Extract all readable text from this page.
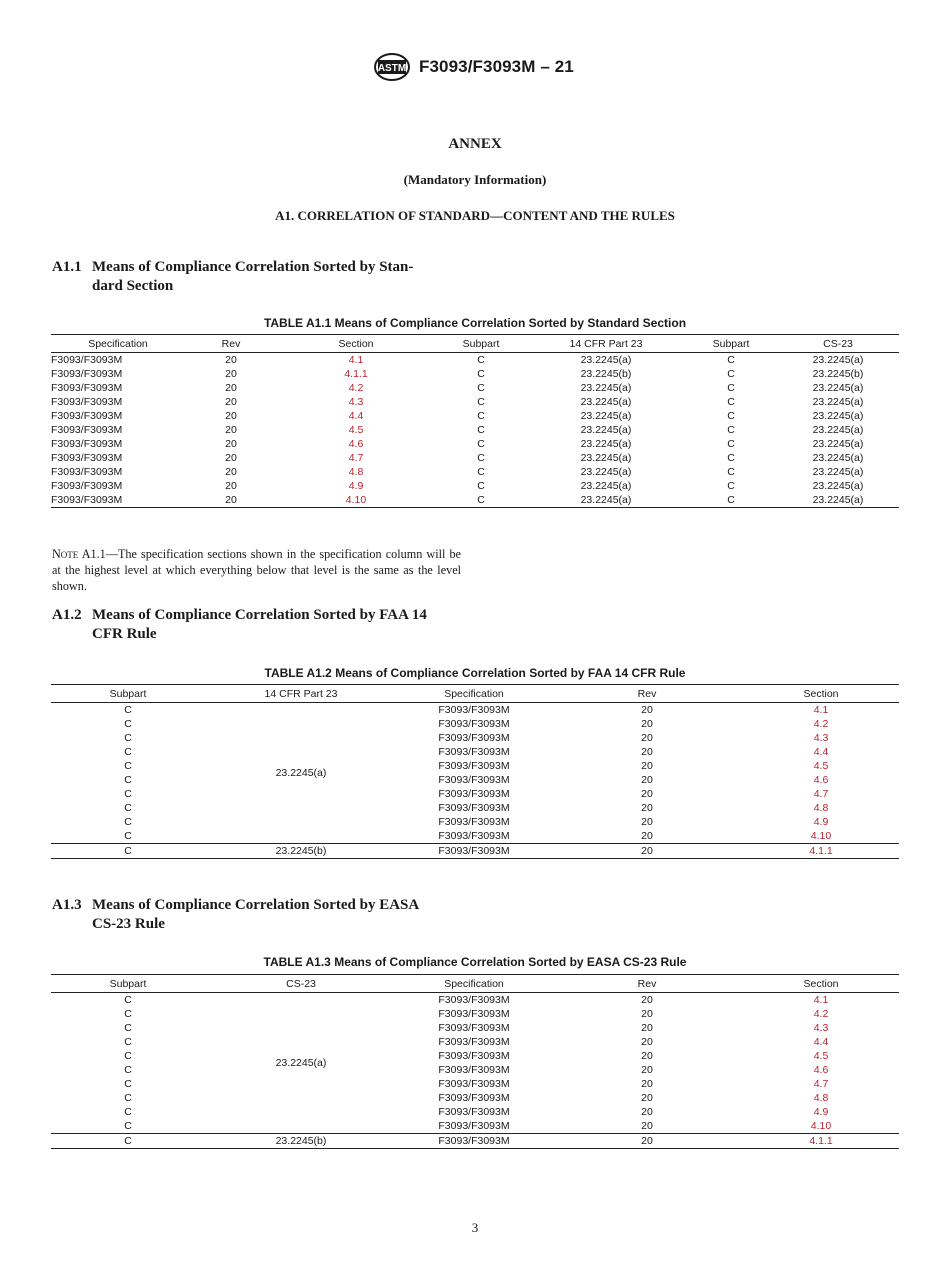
ASTM F3093/F3093M – 21
ANNEX
(Mandatory Information)
A1. CORRELATION OF STANDARD—CONTENT AND THE RULES
A1.1 Means of Compliance Correlation Sorted by Stan-
dard Section
TABLE A1.1 Means of Compliance Correlation Sorted by Standard Section
Specification	Rev	Section	Subpart	14 CFR Part 23	Subpart	CS-23
F3093/F3093M	20	4.1	C	23.2245(a)	C	23.2245(a)
F3093/F3093M	20	4.1.1	C	23.2245(b)	C	23.2245(b)
F3093/F3093M	20	4.2	C	23.2245(a)	C	23.2245(a)
F3093/F3093M	20	4.3	C	23.2245(a)	C	23.2245(a)
F3093/F3093M	20	4.4	C	23.2245(a)	C	23.2245(a)
F3093/F3093M	20	4.5	C	23.2245(a)	C	23.2245(a)
F3093/F3093M	20	4.6	C	23.2245(a)	C	23.2245(a)
F3093/F3093M	20	4.7	C	23.2245(a)	C	23.2245(a)
F3093/F3093M	20	4.8	C	23.2245(a)	C	23.2245(a)
F3093/F3093M	20	4.9	C	23.2245(a)	C	23.2245(a)
F3093/F3093M	20	4.10	C	23.2245(a)	C	23.2245(a)
Note A1.1—The specification sections shown in the specification column will be at the highest level at which everything below that level is the same as the level shown.
A1.2 Means of Compliance Correlation Sorted by FAA 14
CFR Rule
TABLE A1.2 Means of Compliance Correlation Sorted by FAA 14 CFR Rule
Subpart	14 CFR Part 23	Specification	Rev	Section
C	23.2245(a)	F3093/F3093M	20	4.1
C		F3093/F3093M	20	4.2
C		F3093/F3093M	20	4.3
C		F3093/F3093M	20	4.4
C		F3093/F3093M	20	4.5
C		F3093/F3093M	20	4.6
C		F3093/F3093M	20	4.7
C		F3093/F3093M	20	4.8
C		F3093/F3093M	20	4.9
C		F3093/F3093M	20	4.10
C	23.2245(b)	F3093/F3093M	20	4.1.1
A1.3 Means of Compliance Correlation Sorted by EASA
CS-23 Rule
TABLE A1.3 Means of Compliance Correlation Sorted by EASA CS-23 Rule
Subpart	CS-23	Specification	Rev	Section
C	23.2245(a)	F3093/F3093M	20	4.1
C		F3093/F3093M	20	4.2
C		F3093/F3093M	20	4.3
C		F3093/F3093M	20	4.4
C		F3093/F3093M	20	4.5
C		F3093/F3093M	20	4.6
C		F3093/F3093M	20	4.7
C		F3093/F3093M	20	4.8
C		F3093/F3093M	20	4.9
C		F3093/F3093M	20	4.10
C	23.2245(b)	F3093/F3093M	20	4.1.1
3
